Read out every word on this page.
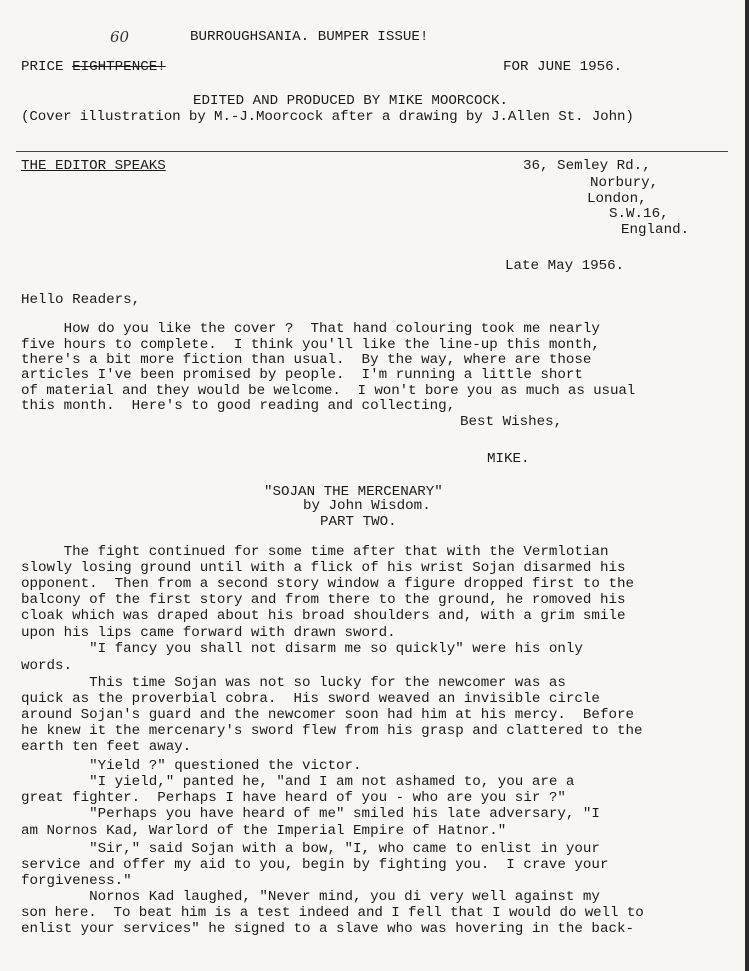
60	BURROUGHSANIA. BUMPER ISSUE!
PRICE EIGHTPENCE!	FOR JUNE 1956.
EDITED AND PRODUCED BY MIKE MOORCOCK.
(Cover illustration by M.-J.Moorcock after a drawing by J.Allen St. John)
THE EDITOR SPEAKS	36, Semley Rd.,
Norbury,
London,
S.W.16,
England.
Late May 1956.
Hello Readers,
How do you like the cover ?  That hand colouring took me nearly
five hours to complete.  I think you'll like the line-up this month,
there's a bit more fiction than usual.  By the way, where are those
articles I've been promised by people.  I'm running a little short
of material and they would be welcome.  I won't bore you as much as usual
this month.  Here's to good reading and collecting,
Best Wishes,
MIKE.
"SOJAN THE MERCENARY"
by John Wisdom.
PART TWO.
The fight continued for some time after that with the Vermlotian
slowly losing ground until with a flick of his wrist Sojan disarmed his
opponent.  Then from a second story window a figure dropped first to the
balcony of the first story and from there to the ground, he romoved his
cloak which was draped about his broad shoulders and, with a grim smile
upon his lips came forward with drawn sword.
"I fancy you shall not disarm me so quickly" were his only
words.
This time Sojan was not so lucky for the newcomer was as
quick as the proverbial cobra.  His sword weaved an invisible circle
around Sojan's guard and the newcomer soon had him at his mercy.  Before
he knew it the mercenary's sword flew from his grasp and clattered to the
earth ten feet away.
"Yield ?" questioned the victor.
"I yield," panted he, "and I am not ashamed to, you are a
great fighter.  Perhaps I have heard of you - who are you sir ?"
"Perhaps you have heard of me" smiled his late adversary, "I
am Nornos Kad, Warlord of the Imperial Empire of Hatnor."
"Sir," said Sojan with a bow, "I, who came to enlist in your
service and offer my aid to you, begin by fighting you.  I crave your
forgiveness."
Nornos Kad laughed, "Never mind, you di very well against my
son here.  To beat him is a test indeed and I fell that I would do well to
enlist your services" he signed to a slave who was hovering in the back-
